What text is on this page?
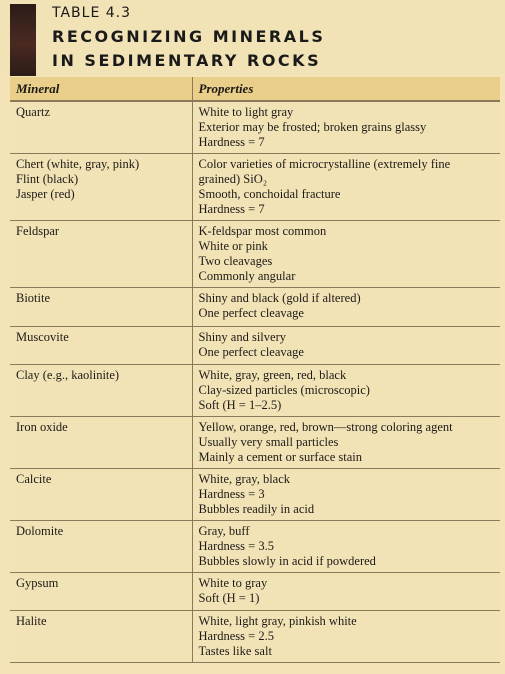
TABLE 4.3
RECOGNIZING MINERALS
IN SEDIMENTARY ROCKS
Mineral	Properties

Quartz	White to light gray
Exterior may be frosted; broken grains glassy
Hardness = 7

Chert (white, gray, pink)
Flint (black)
Jasper (red)	Color varieties of microcrystalline (extremely fine
grained) SiO₂
Smooth, conchoidal fracture
Hardness = 7

Feldspar	K-feldspar most common
White or pink
Two cleavages
Commonly angular

Biotite	Shiny and black (gold if altered)
One perfect cleavage

Muscovite	Shiny and silvery
One perfect cleavage

Clay (e.g., kaolinite)	White, gray, green, red, black
Clay-sized particles (microscopic)
Soft (H = 1–2.5)

Iron oxide	Yellow, orange, red, brown—strong coloring agent
Usually very small particles
Mainly a cement or surface stain

Calcite	White, gray, black
Hardness = 3
Bubbles readily in acid

Dolomite	Gray, buff
Hardness = 3.5
Bubbles slowly in acid if powdered

Gypsum	White to gray
Soft (H = 1)

Halite	White, light gray, pinkish white
Hardness = 2.5
Tastes like salt
